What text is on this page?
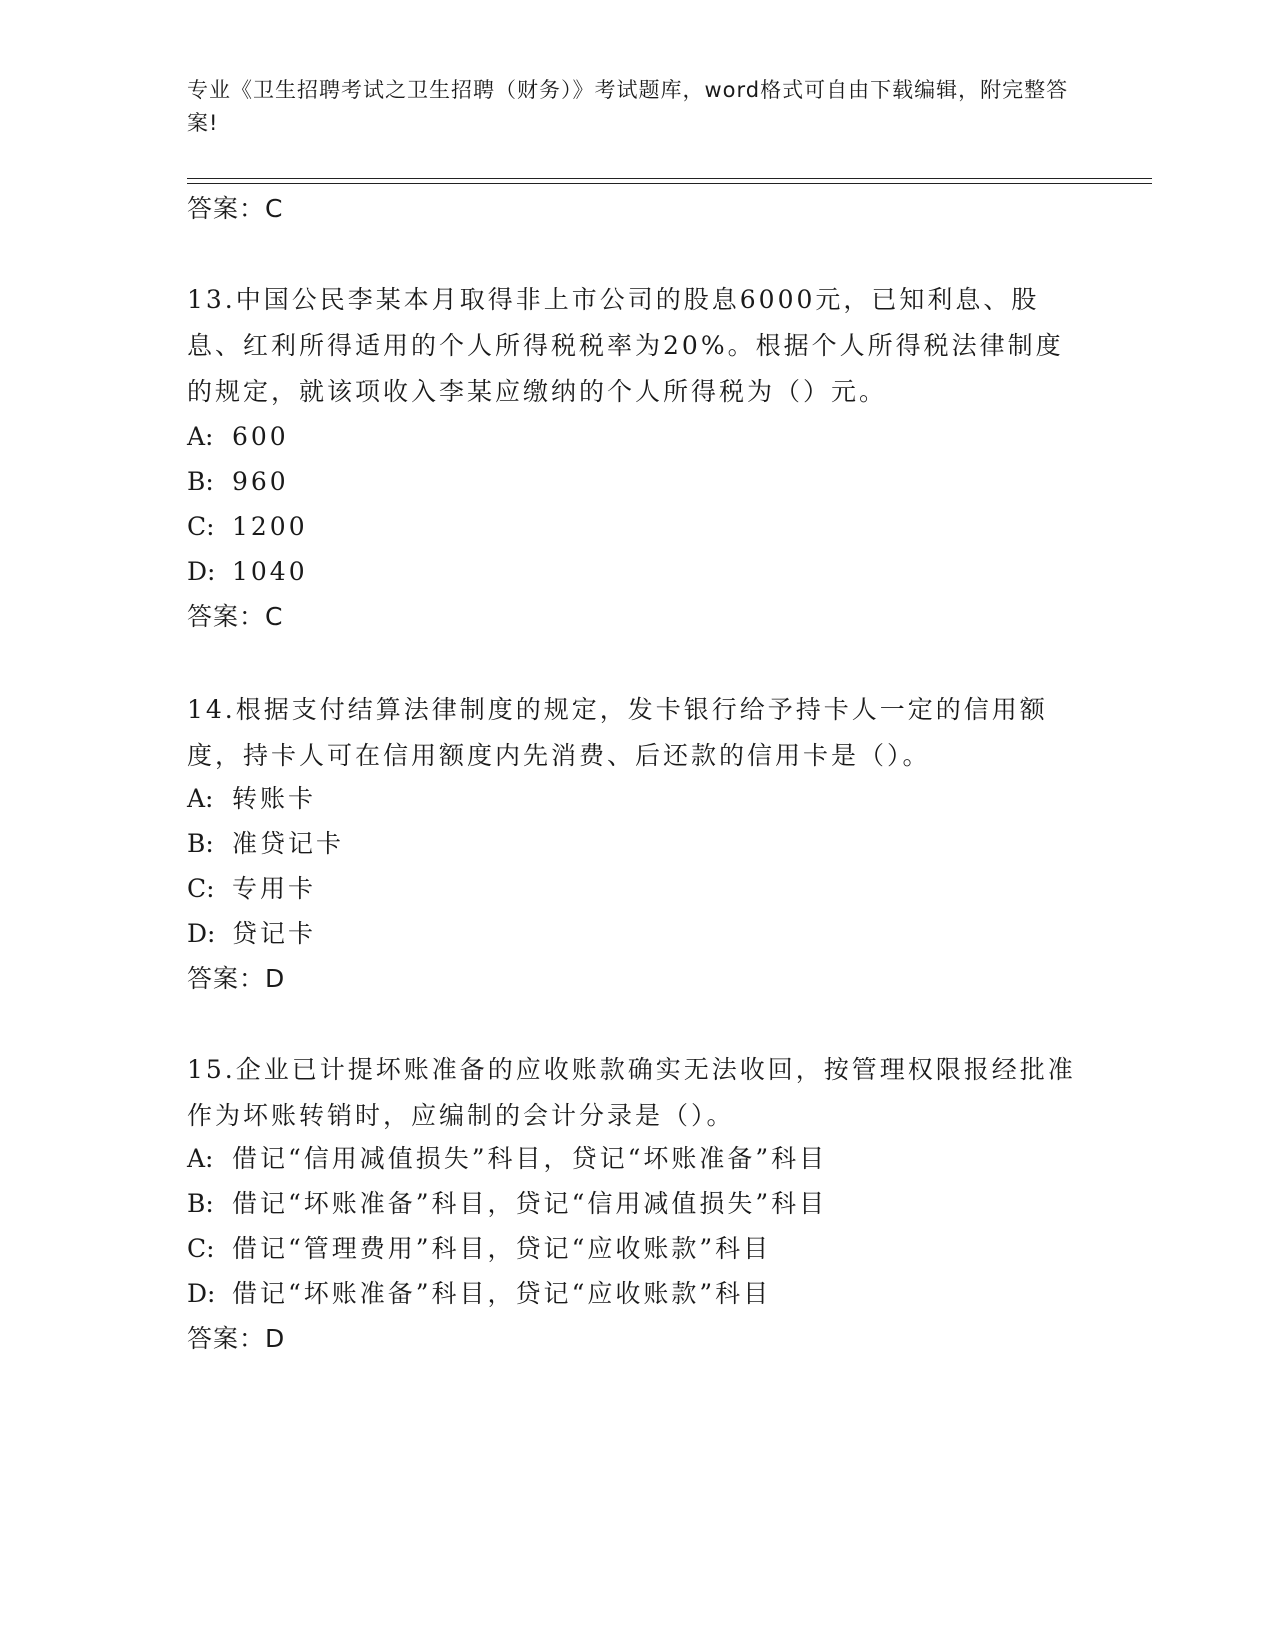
专业《卫生招聘考试之卫生招聘（财务）》考试题库，word格式可自由下载编辑，附完整答案!
答案：C
13.中国公民李某本月取得非上市公司的股息6000元，已知利息、股息、红利所得适用的个人所得税税率为20%。根据个人所得税法律制度的规定，就该项收入李某应缴纳的个人所得税为（）元。
A: 600
B: 960
C: 1200
D: 1040
答案：C
14.根据支付结算法律制度的规定，发卡银行给予持卡人一定的信用额度，持卡人可在信用额度内先消费、后还款的信用卡是（）。
A: 转账卡
B: 准贷记卡
C: 专用卡
D: 贷记卡
答案：D
15.企业已计提坏账准备的应收账款确实无法收回，按管理权限报经批准作为坏账转销时，应编制的会计分录是（）。
A: 借记“信用减值损失”科目，贷记“坏账准备”科目
B: 借记“坏账准备”科目，贷记“信用减值损失”科目
C: 借记“管理费用”科目，贷记“应收账款”科目
D: 借记“坏账准备”科目，贷记“应收账款”科目
答案：D
